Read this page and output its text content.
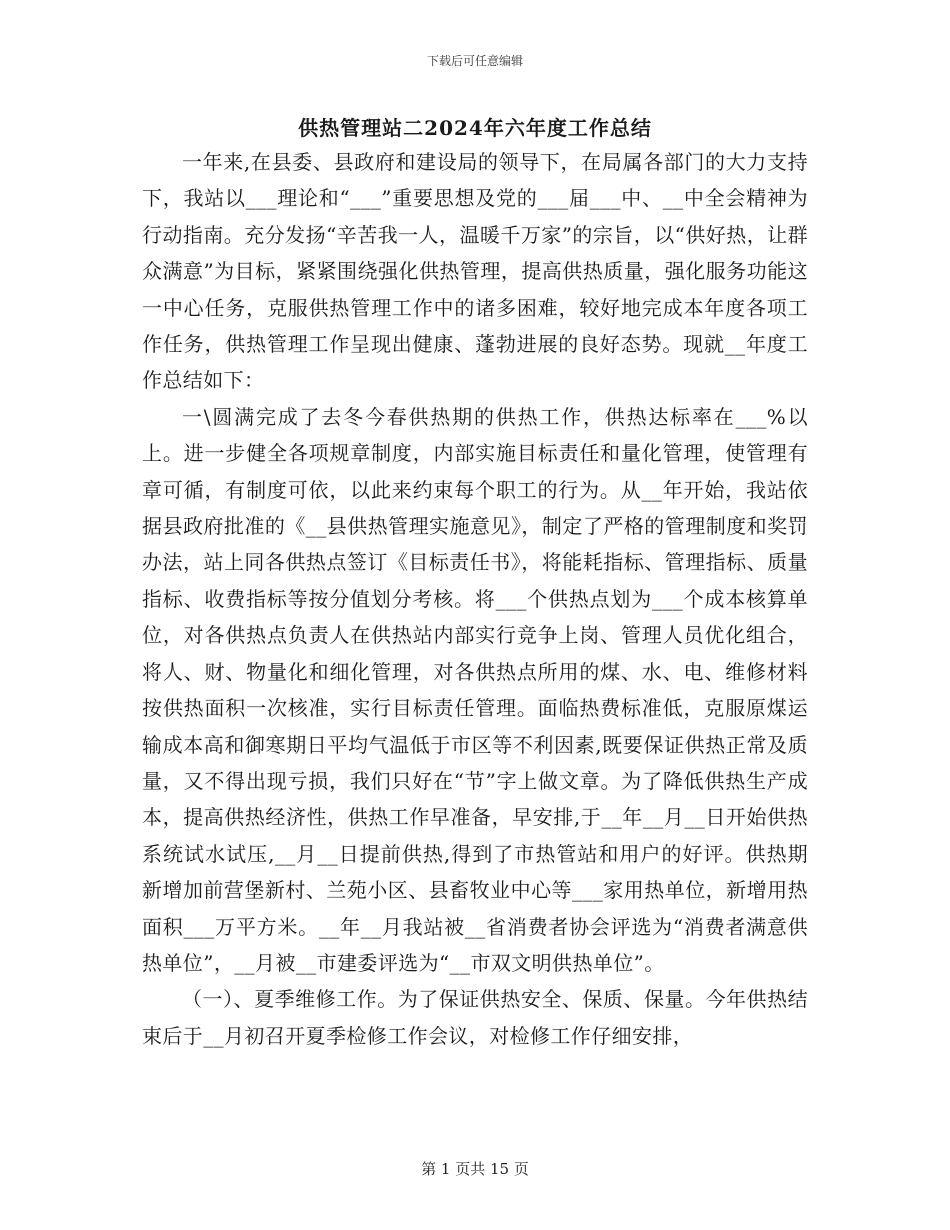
下载后可任意编辑
供热管理站二2024年六年度工作总结

一年来,在县委、县政府和建设局的领导下，在局属各部门的大力支持下，我站以___理论和“___”重要思想及党的___届___中、__中全会精神为行动指南。充分发扬“辛苦我一人，温暖千万家”的宗旨，以“供好热，让群众满意”为目标，紧紧围绕强化供热管理，提高供热质量，强化服务功能这一中心任务，克服供热管理工作中的诸多困难，较好地完成本年度各项工作任务，供热管理工作呈现出健康、蓬勃进展的良好态势。现就__年度工作总结如下：

一\圆满完成了去冬今春供热期的供热工作，供热达标率在___%以上。进一步健全各项规章制度，内部实施目标责任和量化管理，使管理有章可循，有制度可依，以此来约束每个职工的行为。从__年开始，我站依据县政府批准的《__县供热管理实施意见》，制定了严格的管理制度和奖罚办法，站上同各供热点签订《目标责任书》，将能耗指标、管理指标、质量指标、收费指标等按分值划分考核。将___个供热点划为___个成本核算单位，对各供热点负责人在供热站内部实行竞争上岗、管理人员优化组合，将人、财、物量化和细化管理，对各供热点所用的煤、水、电、维修材料按供热面积一次核准，实行目标责任管理。面临热费标准低，克服原煤运输成本高和御寒期日平均气温低于市区等不利因素,既要保证供热正常及质量，又不得出现亏损，我们只好在“节”字上做文章。为了降低供热生产成本，提高供热经济性，供热工作早准备，早安排,于__年__月__日开始供热系统试水试压,__月__日提前供热,得到了市热管站和用户的好评。供热期新增加前营堡新村、兰苑小区、县畜牧业中心等___家用热单位，新增用热面积___万平方米。__年__月我站被__省消费者协会评选为“消费者满意供热单位”，__月被__市建委评选为“__市双文明供热单位”。

（一）、夏季维修工作。为了保证供热安全、保质、保量。今年供热结束后于__月初召开夏季检修工作会议，对检修工作仔细安排，

第 1 页共 15 页
